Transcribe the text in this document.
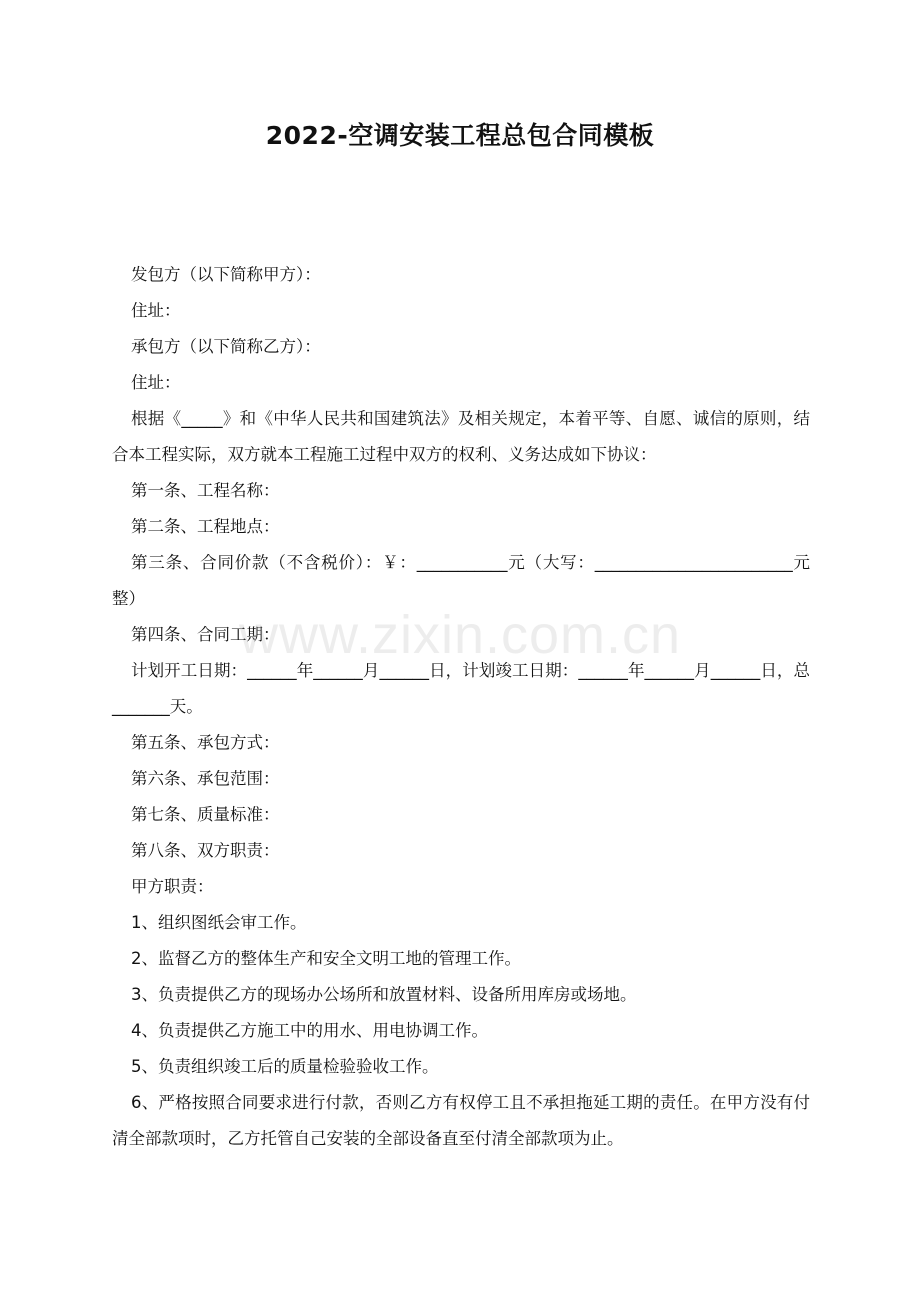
2022-空调安装工程总包合同模板

发包方（以下简称甲方）：

住址：

承包方（以下简称乙方）：

住址：

根据《_____》和《中华人民共和国建筑法》及相关规定，本着平等、自愿、诚信的原则，结合本工程实际，双方就本工程施工过程中双方的权利、义务达成如下协议：

第一条、工程名称：

第二条、工程地点：

第三条、合同价款（不含税价）：￥：___________元（大写：________________________元整）

第四条、合同工期：

计划开工日期：______年______月______日，计划竣工日期：______年______月______日，总_______天。

第五条、承包方式：

第六条、承包范围：

第七条、质量标准：

第八条、双方职责：

甲方职责：

1、组织图纸会审工作。

2、监督乙方的整体生产和安全文明工地的管理工作。

3、负责提供乙方的现场办公场所和放置材料、设备所用库房或场地。

4、负责提供乙方施工中的用水、用电协调工作。

5、负责组织竣工后的质量检验验收工作。

6、严格按照合同要求进行付款，否则乙方有权停工且不承担拖延工期的责任。在甲方没有付清全部款项时，乙方托管自己安装的全部设备直至付清全部款项为止。

www.zixin.com.cn
